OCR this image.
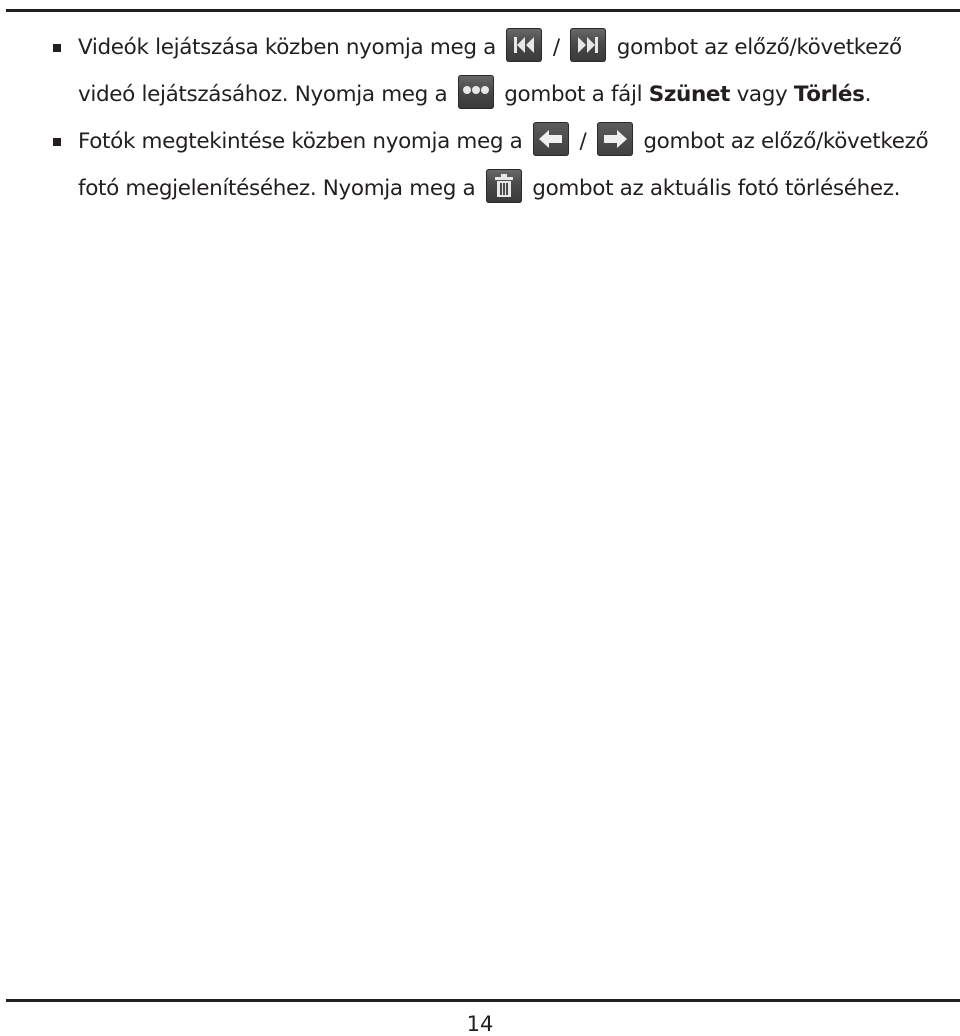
Videók lejátszása közben nyomja meg a	/	gombot az előző/következő
videó lejátszásához. Nyomja meg a	gombot a fájl Szünet vagy Törlés.
Fotók megtekintése közben nyomja meg a	/	gombot az előző/következő
fotó megjelenítéséhez. Nyomja meg a	gombot az aktuális fotó törléséhez.
14
